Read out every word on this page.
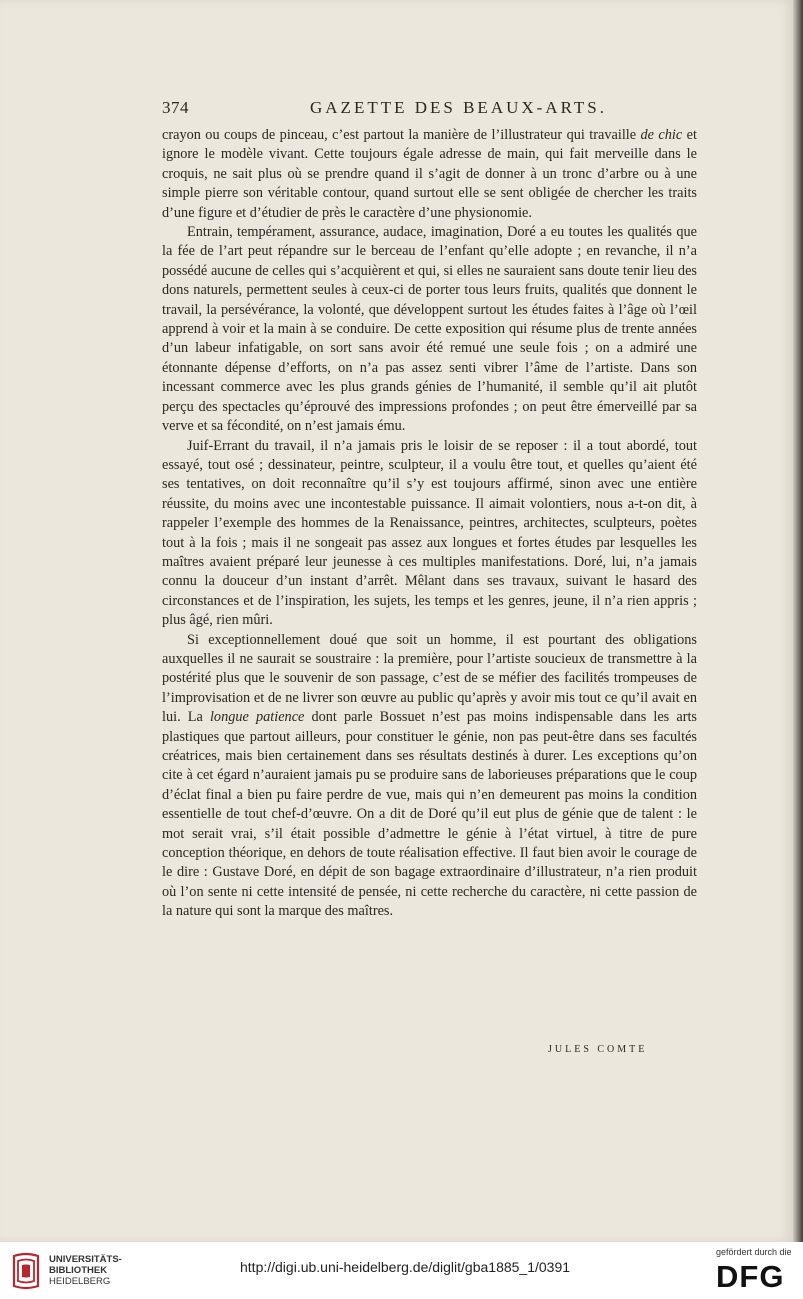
374	GAZETTE DES BEAUX-ARTS.

crayon ou coups de pinceau, c’est partout la manière de l’illustrateur qui travaille de chic et ignore le modèle vivant. Cette toujours égale adresse de main, qui fait merveille dans le croquis, ne sait plus où se prendre quand il s’agit de donner à un tronc d’arbre ou à une simple pierre son véritable contour, quand surtout elle se sent obligée de chercher les traits d’une figure et d’étudier de près le caractère d’une physionomie.

Entrain, tempérament, assurance, audace, imagination, Doré a eu toutes les qualités que la fée de l’art peut répandre sur le berceau de l’enfant qu’elle adopte ; en revanche, il n’a possédé aucune de celles qui s’acquièrent et qui, si elles ne sauraient sans doute tenir lieu des dons naturels, permettent seules à ceux-ci de porter tous leurs fruits, qualités que donnent le travail, la persévérance, la volonté, que développent surtout les études faites à l’âge où l’œil apprend à voir et la main à se conduire. De cette exposition qui résume plus de trente années d’un labeur infatigable, on sort sans avoir été remué une seule fois ; on a admiré une étonnante dépense d’efforts, on n’a pas assez senti vibrer l’âme de l’artiste. Dans son incessant commerce avec les plus grands génies de l’humanité, il semble qu’il ait plutôt perçu des spectacles qu’éprouvé des impressions profondes ; on peut être émerveillé par sa verve et sa fécondité, on n’est jamais ému.

Juif-Errant du travail, il n’a jamais pris le loisir de se reposer : il a tout abordé, tout essayé, tout osé ; dessinateur, peintre, sculpteur, il a voulu être tout, et quelles qu’aient été ses tentatives, on doit reconnaître qu’il s’y est toujours affirmé, sinon avec une entière réussite, du moins avec une incontestable puissance. Il aimait volontiers, nous a-t-on dit, à rappeler l’exemple des hommes de la Renaissance, peintres, architectes, sculpteurs, poètes tout à la fois ; mais il ne songeait pas assez aux longues et fortes études par lesquelles les maîtres avaient préparé leur jeunesse à ces multiples manifestations. Doré, lui, n’a jamais connu la douceur d’un instant d’arrêt. Mêlant dans ses travaux, suivant le hasard des circonstances et de l’inspiration, les sujets, les temps et les genres, jeune, il n’a rien appris ; plus âgé, rien mûri.

Si exceptionnellement doué que soit un homme, il est pourtant des obligations auxquelles il ne saurait se soustraire : la première, pour l’artiste soucieux de transmettre à la postérité plus que le souvenir de son passage, c’est de se méfier des facilités trompeuses de l’improvisation et de ne livrer son œuvre au public qu’après y avoir mis tout ce qu’il avait en lui. La longue patience dont parle Bossuet n’est pas moins indispensable dans les arts plastiques que partout ailleurs, pour constituer le génie, non pas peut-être dans ses facultés créatrices, mais bien certainement dans ses résultats destinés à durer. Les exceptions qu’on cite à cet égard n’auraient jamais pu se produire sans de laborieuses préparations que le coup d’éclat final a bien pu faire perdre de vue, mais qui n’en demeurent pas moins la condition essentielle de tout chef-d’œuvre. On a dit de Doré qu’il eut plus de génie que de talent : le mot serait vrai, s’il était possible d’admettre le génie à l’état virtuel, à titre de pure conception théorique, en dehors de toute réalisation effective. Il faut bien avoir le courage de le dire : Gustave Doré, en dépit de son bagage extraordinaire d’illustrateur, n’a rien produit où l’on sente ni cette intensité de pensée, ni cette recherche du caractère, ni cette passion de la nature qui sont la marque des maîtres.

JULES COMTE
UNIVERSITÄTS-
BIBLIOTHEK
HEIDELBERG
http://digi.ub.uni-heidelberg.de/diglit/gba1885_1/0391
gefördert durch die
DFG
